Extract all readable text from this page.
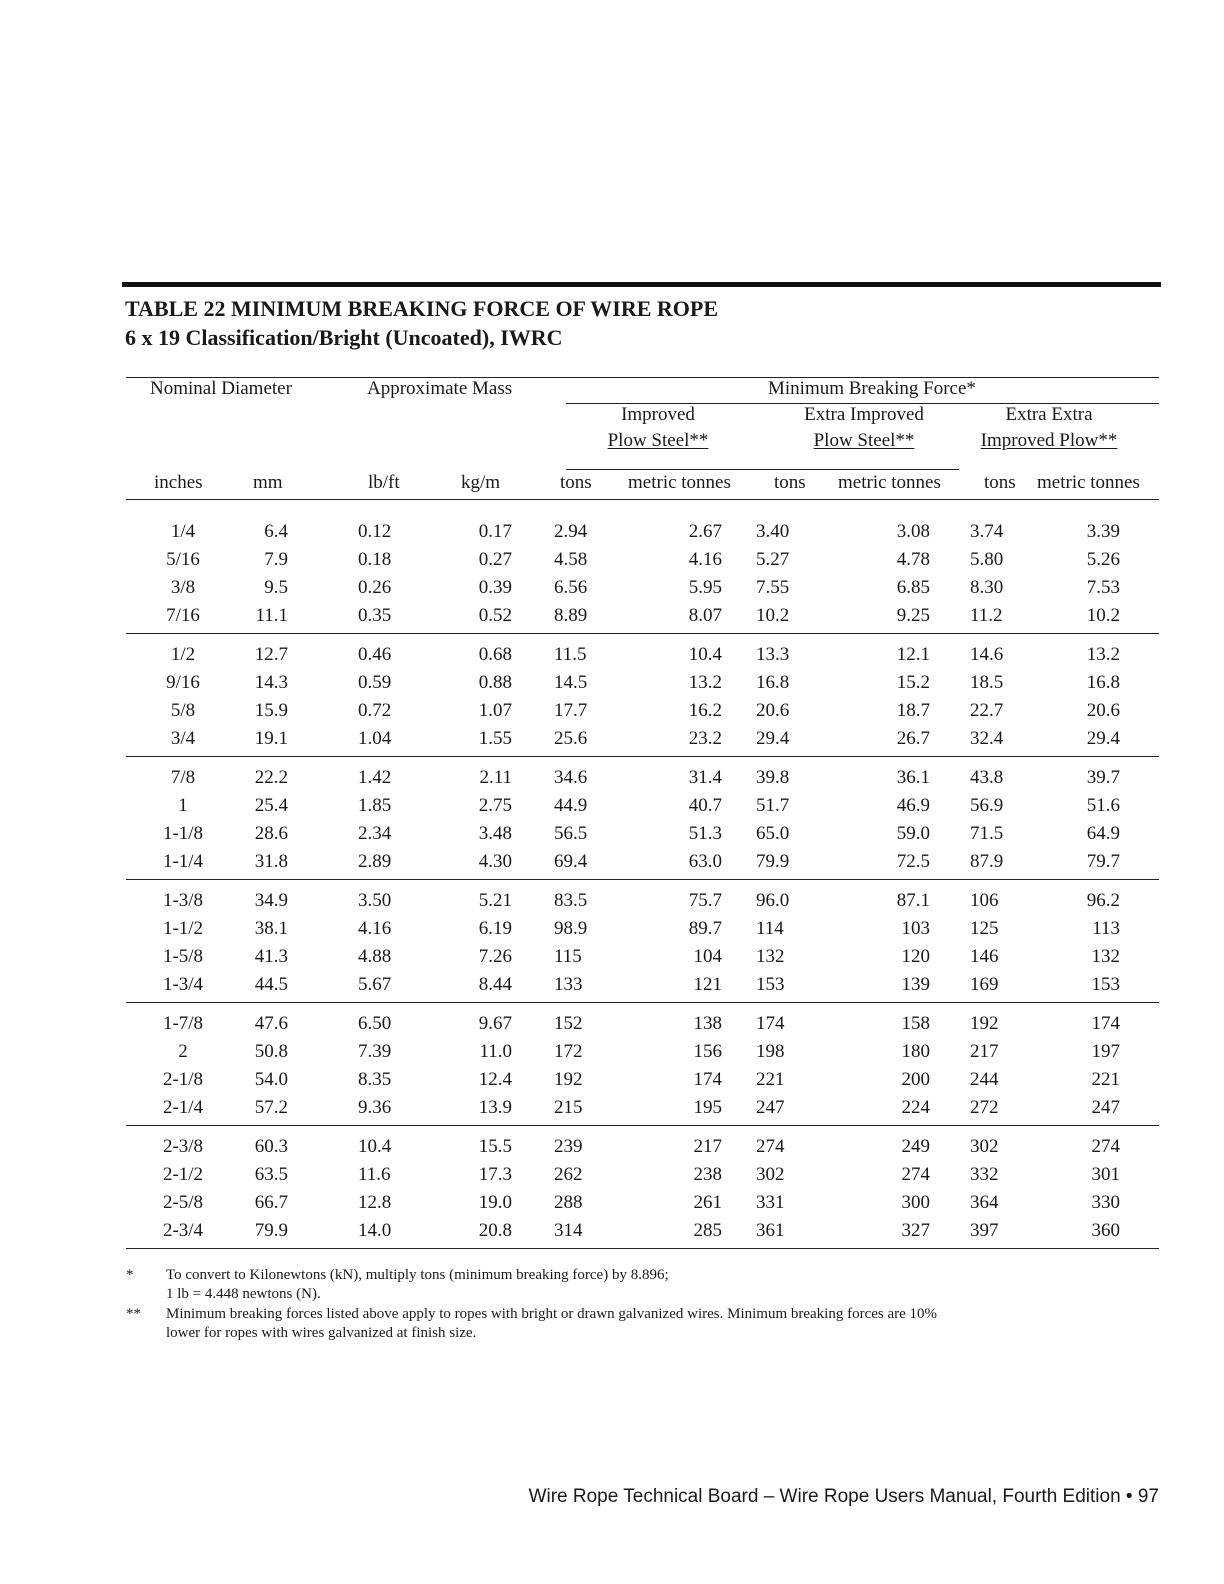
TABLE 22 MINIMUM BREAKING FORCE OF WIRE ROPE
6 x 19 Classification/Bright (Uncoated), IWRC
Nominal Diameter	Approximate Mass	Minimum Breaking Force*
Improved
Plow Steel**
Extra Improved
Plow Steel**
Extra Extra
Improved Plow**
inches	mm	lb/ft	kg/m	tons metric tonnes tons metric tonnes tons metric tonnes
1/4	6.4	0.12	0.17 2.94	2.67 3.40	3.08 3.74	3.39
5/16	7.9	0.18	0.27 4.58	4.16 5.27	4.78 5.80	5.26
3/8	9.5	0.26	0.39 6.56	5.95 7.55	6.85 8.30	7.53
7/16	11.1	0.35	0.52 8.89	8.07 10.2	9.25 11.2	10.2
1/2	12.7	0.46	0.68 11.5	10.4 13.3	12.1 14.6	13.2
9/16	14.3	0.59	0.88 14.5	13.2 16.8	15.2 18.5	16.8
5/8	15.9	0.72	1.07 17.7	16.2 20.6	18.7 22.7	20.6
3/4	19.1	1.04	1.55 25.6	23.2 29.4	26.7 32.4	29.4
7/8	22.2	1.42	2.11 34.6	31.4 39.8	36.1 43.8	39.7
1	25.4	1.85	2.75 44.9	40.7 51.7	46.9 56.9	51.6
1-1/8	28.6	2.34	3.48 56.5	51.3 65.0	59.0 71.5	64.9
1-1/4	31.8	2.89	4.30 69.4	63.0 79.9	72.5 87.9	79.7
1-3/8	34.9	3.50	5.21 83.5	75.7 96.0	87.1 106	96.2
1-1/2	38.1	4.16	6.19 98.9	89.7 114	103 125	113
1-5/8	41.3	4.88	7.26 115	104 132	120 146	132
1-3/4	44.5	5.67	8.44 133	121 153	139 169	153
1-7/8	47.6	6.50	9.67 152	138 174	158 192	174
2	50.8	7.39	11.0 172	156 198	180 217	197
2-1/8	54.0	8.35	12.4 192	174 221	200 244	221
2-1/4	57.2	9.36	13.9 215	195 247	224 272	247
2-3/8	60.3	10.4	15.5 239	217 274	249 302	274
2-1/2	63.5	11.6	17.3 262	238 302	274 332	301
2-5/8	66.7	12.8	19.0 288	261 331	300 364	330
2-3/4	79.9	14.0	20.8 314	285 361	327 397	360
* To convert to Kilonewtons (kN), multiply tons (minimum breaking force) by 8.896;
1 lb = 4.448 newtons (N).
** Minimum breaking forces listed above apply to ropes with bright or drawn galvanized wires. Minimum breaking forces are 10%
lower for ropes with wires galvanized at finish size.
Wire Rope Technical Board – Wire Rope Users Manual, Fourth Edition • 97
